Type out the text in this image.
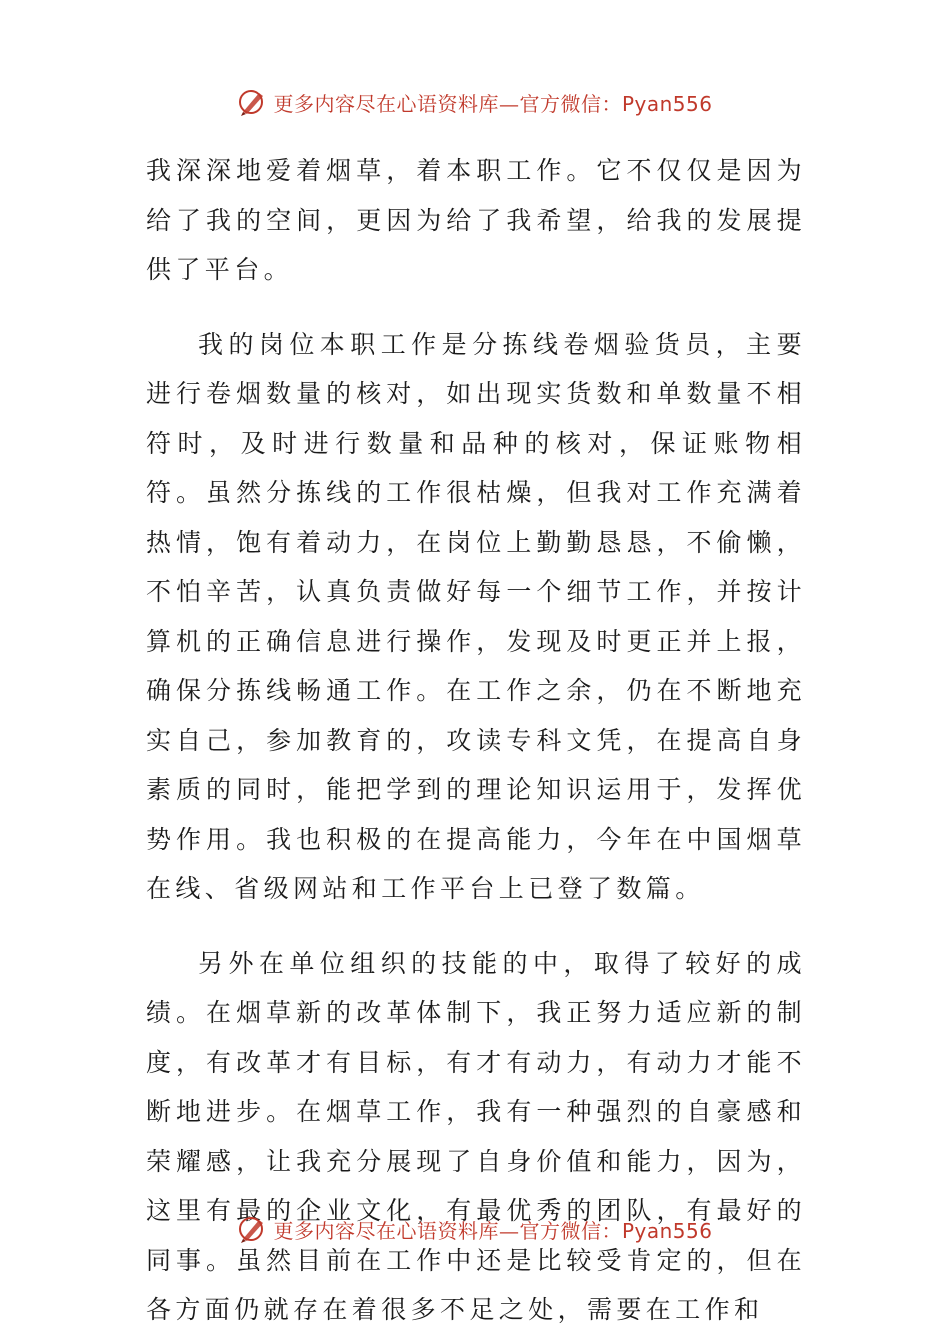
更多内容尽在心语资料库—官方微信：Pyan556

我深深地爱着烟草，着本职工作。它不仅仅是因为给了我的空间，更因为给了我希望，给我的发展提供了平台。

我的岗位本职工作是分拣线卷烟验货员，主要进行卷烟数量的核对，如出现实货数和单数量不相符时，及时进行数量和品种的核对，保证账物相符。虽然分拣线的工作很枯燥，但我对工作充满着热情，饱有着动力，在岗位上勤勤恳恳，不偷懒，不怕辛苦，认真负责做好每一个细节工作，并按计算机的正确信息进行操作，发现及时更正并上报，确保分拣线畅通工作。在工作之余，仍在不断地充实自己，参加教育的，攻读专科文凭，在提高自身素质的同时，能把学到的理论知识运用于，发挥优势作用。我也积极的在提高能力，今年在中国烟草在线、省级网站和工作平台上已登了数篇。

另外在单位组织的技能的中，取得了较好的成绩。在烟草新的改革体制下，我正努力适应新的制度，有改革才有目标，有才有动力，有动力才能不断地进步。在烟草工作，我有一种强烈的自豪感和荣耀感，让我充分展现了自身价值和能力，因为，这里有最的企业文化，有最优秀的团队，有最好的同事。虽然目前在工作中还是比较受肯定的，但在各方面仍就存在着很多不足之处，需要在工作和

更多内容尽在心语资料库—官方微信：Pyan556
